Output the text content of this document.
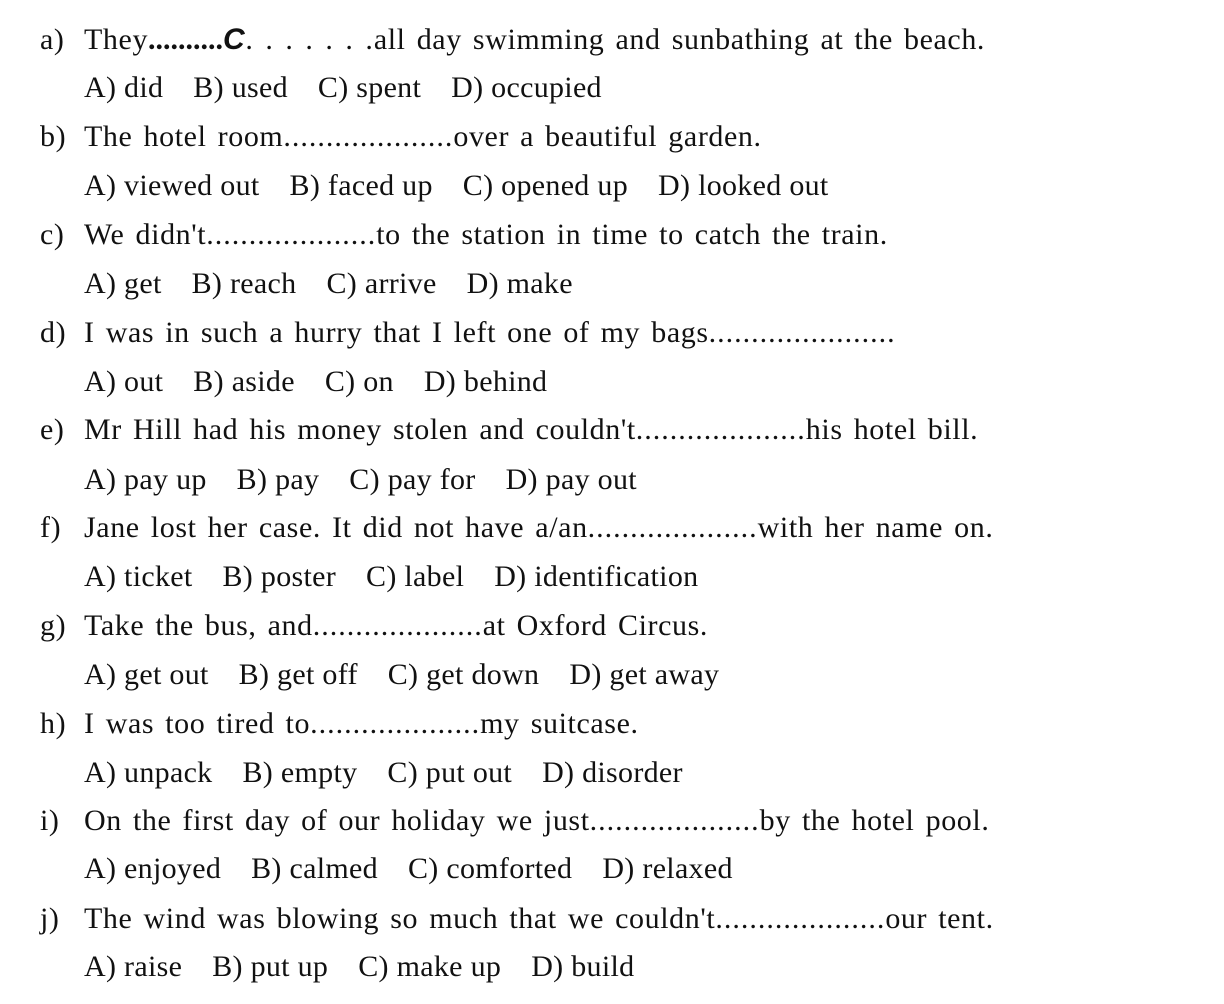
a) They..........C. . . . . . .all day swimming and sunbathing at the beach.
A) did B) used C) spent D) occupied
b) The hotel room....................over a beautiful garden.
A) viewed out B) faced up C) opened up D) looked out
c) We didn't....................to the station in time to catch the train.
A) get B) reach C) arrive D) make
d) I was in such a hurry that I left one of my bags......................
A) out B) aside C) on D) behind
e) Mr Hill had his money stolen and couldn't....................his hotel bill.
A) pay up B) pay C) pay for D) pay out
f) Jane lost her case. It did not have a/an....................with her name on.
A) ticket B) poster C) label D) identification
g) Take the bus, and....................at Oxford Circus.
A) get out B) get off C) get down D) get away
h) I was too tired to....................my suitcase.
A) unpack B) empty C) put out D) disorder
i) On the first day of our holiday we just....................by the hotel pool.
A) enjoyed B) calmed C) comforted D) relaxed
j) The wind was blowing so much that we couldn't....................our tent.
A) raise B) put up C) make up D) build
